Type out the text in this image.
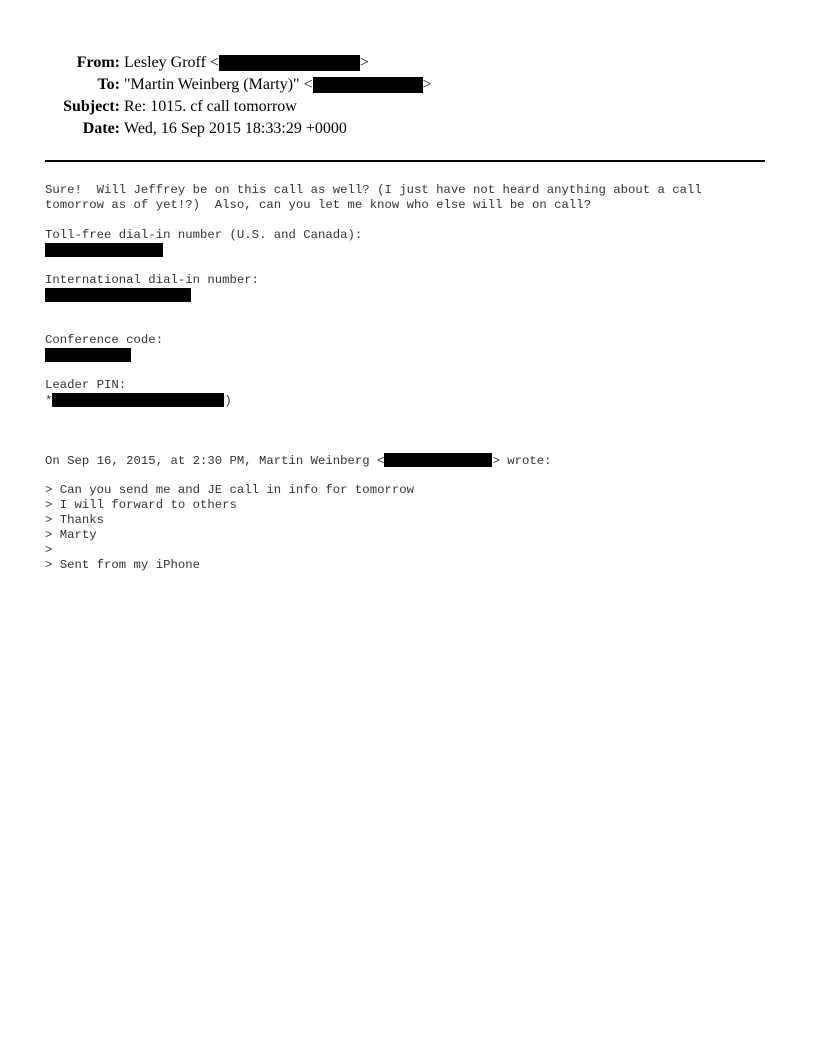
From: Lesley Groff <	>
To: "Martin Weinberg (Marty)" <	>
Subject: Re: 1015. cf call tomorrow
Date: Wed, 16 Sep 2015 18:33:29 +0000
Sure!  Will Jeffrey be on this call as well? (I just have not heard anything about a call
tomorrow as of yet!?)  Also, can you let me know who else will be on call?
Toll-free dial-in number (U.S. and Canada):
International dial-in number:
Conference code:
Leader PIN:
*	)
On Sep 16, 2015, at 2:30 PM, Martin Weinberg <	> wrote:
> Can you send me and JE call in info for tomorrow
> I will forward to others
> Thanks
> Marty
>
> Sent from my iPhone
